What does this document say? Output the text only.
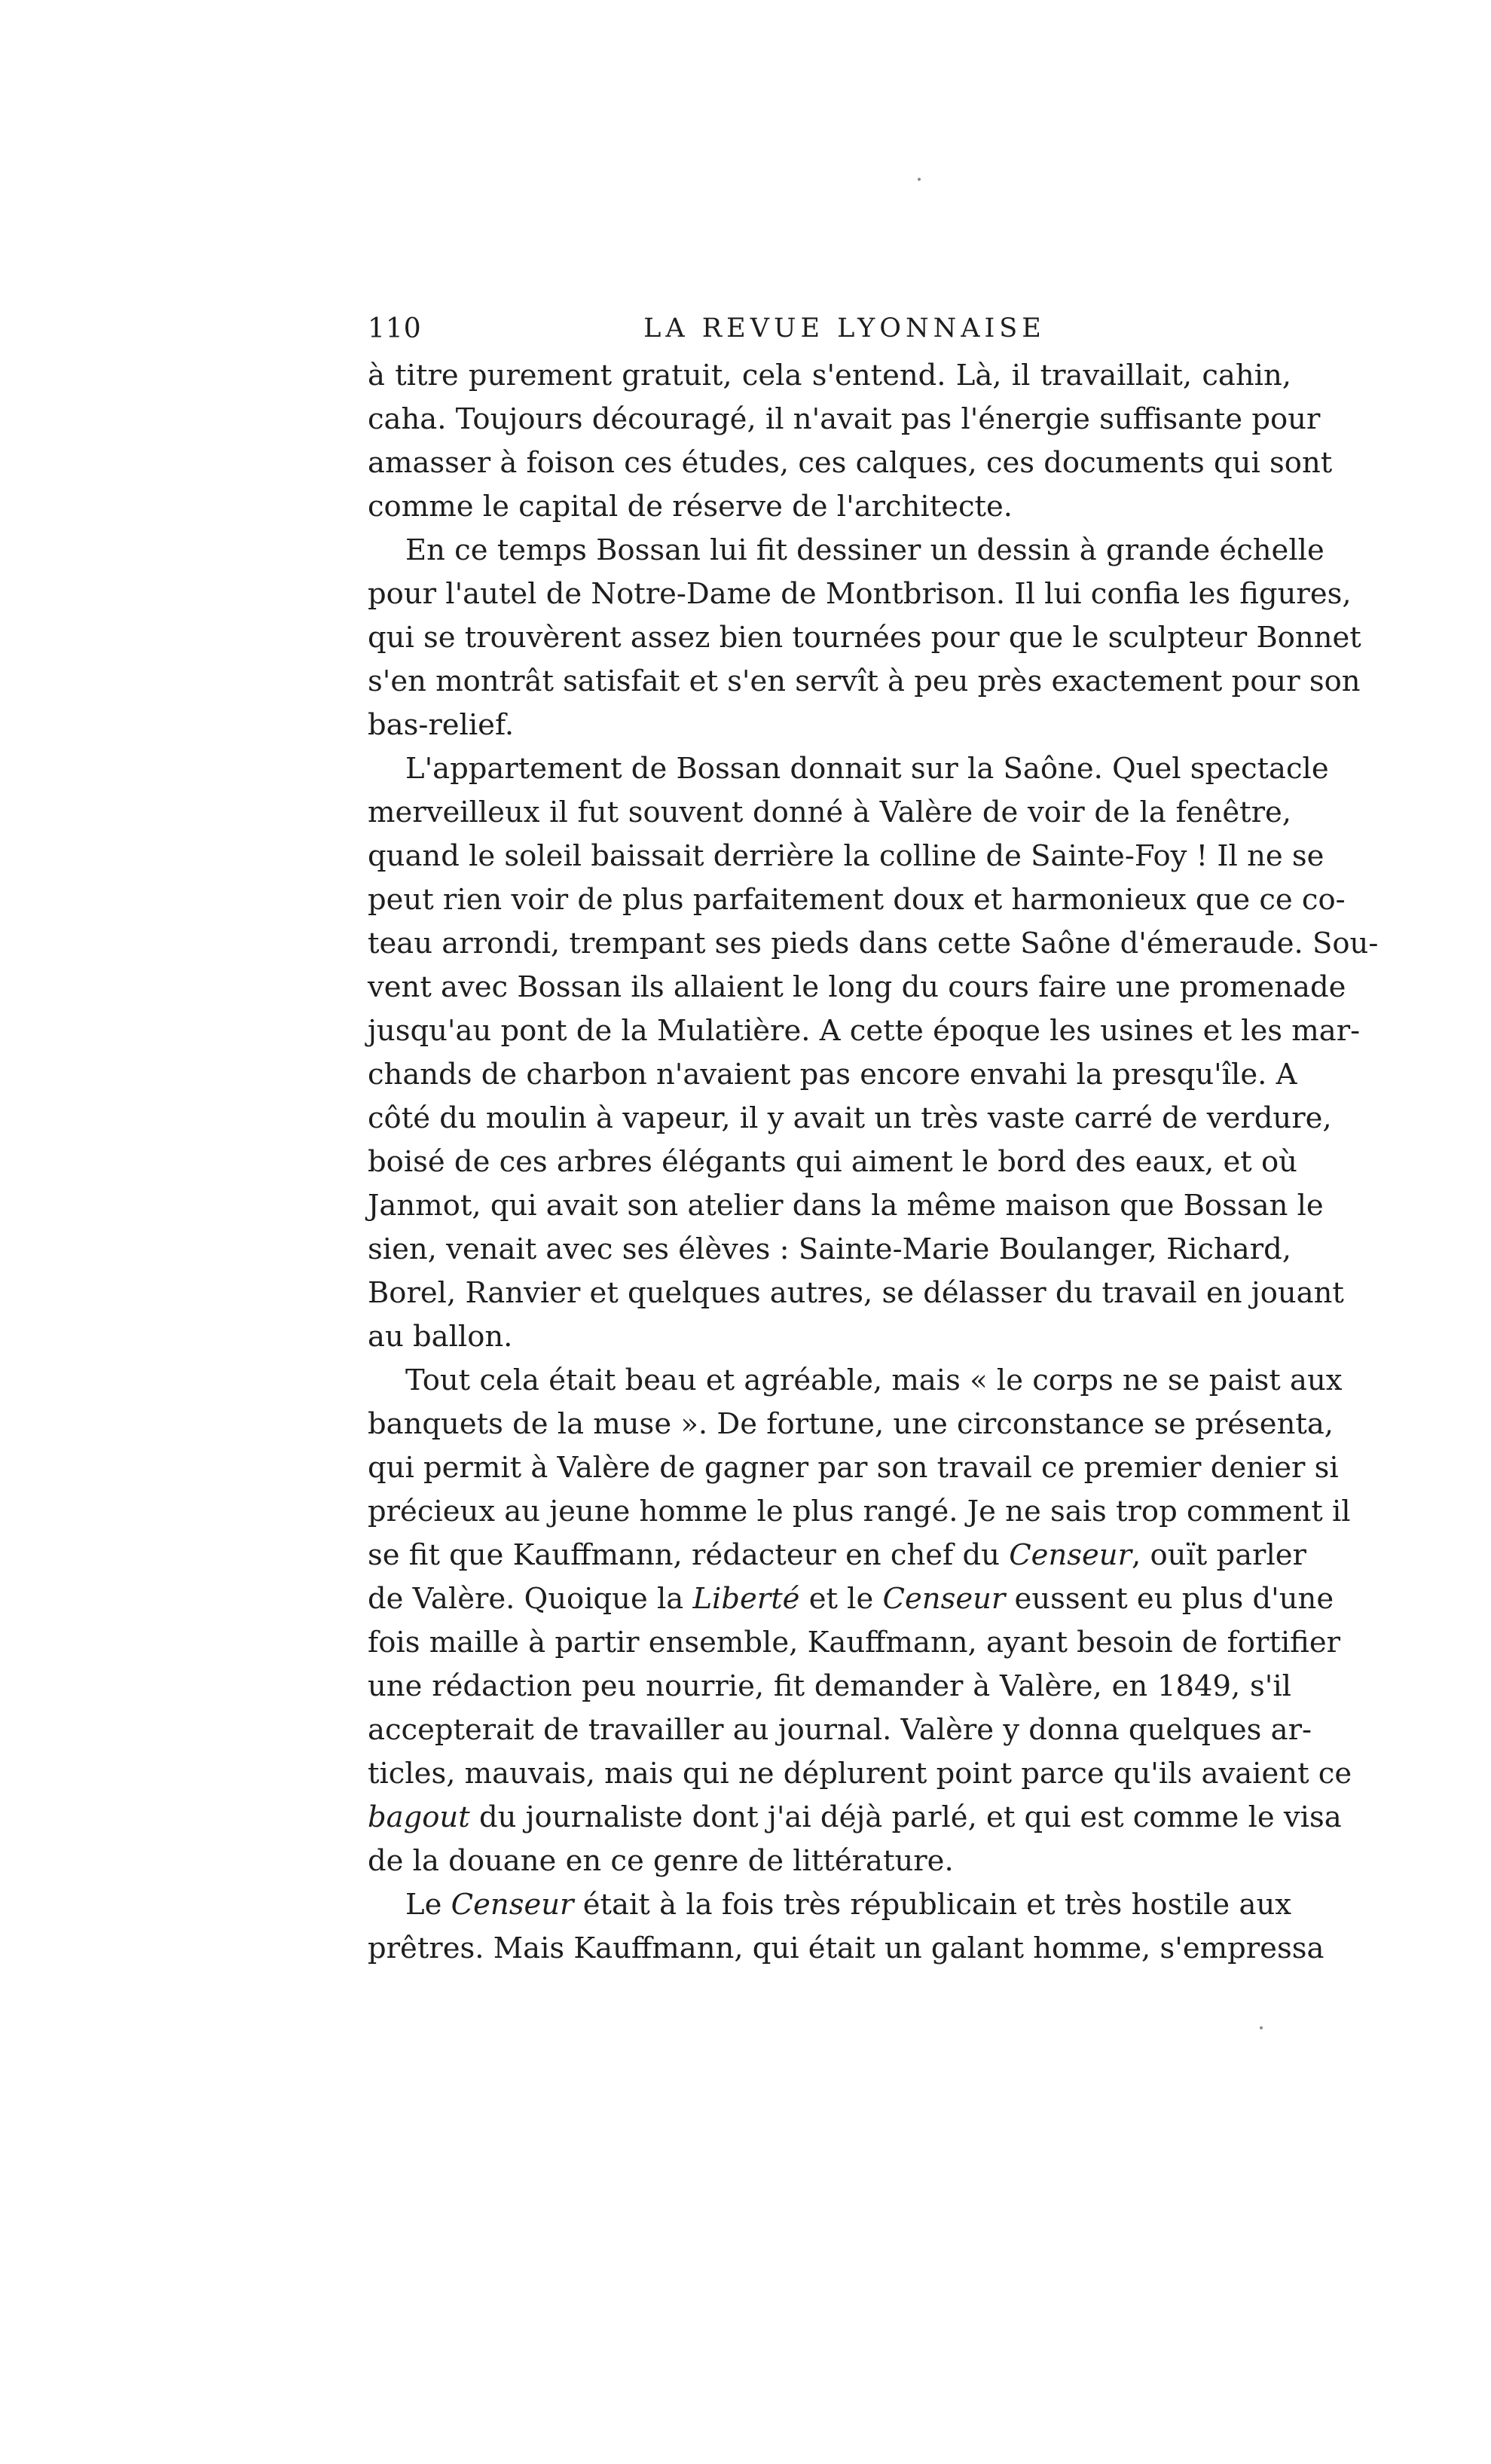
110	LA REVUE LYONNAISE
à titre purement gratuit, cela s'entend. Là, il travaillait, cahin,
caha. Toujours découragé, il n'avait pas l'énergie suffisante pour
amasser à foison ces études, ces calques, ces documents qui sont
comme le capital de réserve de l'architecte.
En ce temps Bossan lui fit dessiner un dessin à grande échelle
pour l'autel de Notre-Dame de Montbrison. Il lui confia les figures,
qui se trouvèrent assez bien tournées pour que le sculpteur Bonnet
s'en montrât satisfait et s'en servît à peu près exactement pour son
bas-relief.
L'appartement de Bossan donnait sur la Saône. Quel spectacle
merveilleux il fut souvent donné à Valère de voir de la fenêtre,
quand le soleil baissait derrière la colline de Sainte-Foy ! Il ne se
peut rien voir de plus parfaitement doux et harmonieux que ce co-
teau arrondi, trempant ses pieds dans cette Saône d'émeraude. Sou-
vent avec Bossan ils allaient le long du cours faire une promenade
jusqu'au pont de la Mulatière. A cette époque les usines et les mar-
chands de charbon n'avaient pas encore envahi la presqu'île. A
côté du moulin à vapeur, il y avait un très vaste carré de verdure,
boisé de ces arbres élégants qui aiment le bord des eaux, et où
Janmot, qui avait son atelier dans la même maison que Bossan le
sien, venait avec ses élèves : Sainte-Marie Boulanger, Richard,
Borel, Ranvier et quelques autres, se délasser du travail en jouant
au ballon.
Tout cela était beau et agréable, mais « le corps ne se paist aux
banquets de la muse ». De fortune, une circonstance se présenta,
qui permit à Valère de gagner par son travail ce premier denier si
précieux au jeune homme le plus rangé. Je ne sais trop comment il
se fit que Kauffmann, rédacteur en chef du Censeur, ouït parler
de Valère. Quoique la Liberté et le Censeur eussent eu plus d'une
fois maille à partir ensemble, Kauffmann, ayant besoin de fortifier
une rédaction peu nourrie, fit demander à Valère, en 1849, s'il
accepterait de travailler au journal. Valère y donna quelques ar-
ticles, mauvais, mais qui ne déplurent point parce qu'ils avaient ce
bagout du journaliste dont j'ai déjà parlé, et qui est comme le visa
de la douane en ce genre de littérature.
Le Censeur était à la fois très républicain et très hostile aux
prêtres. Mais Kauffmann, qui était un galant homme, s'empressa
